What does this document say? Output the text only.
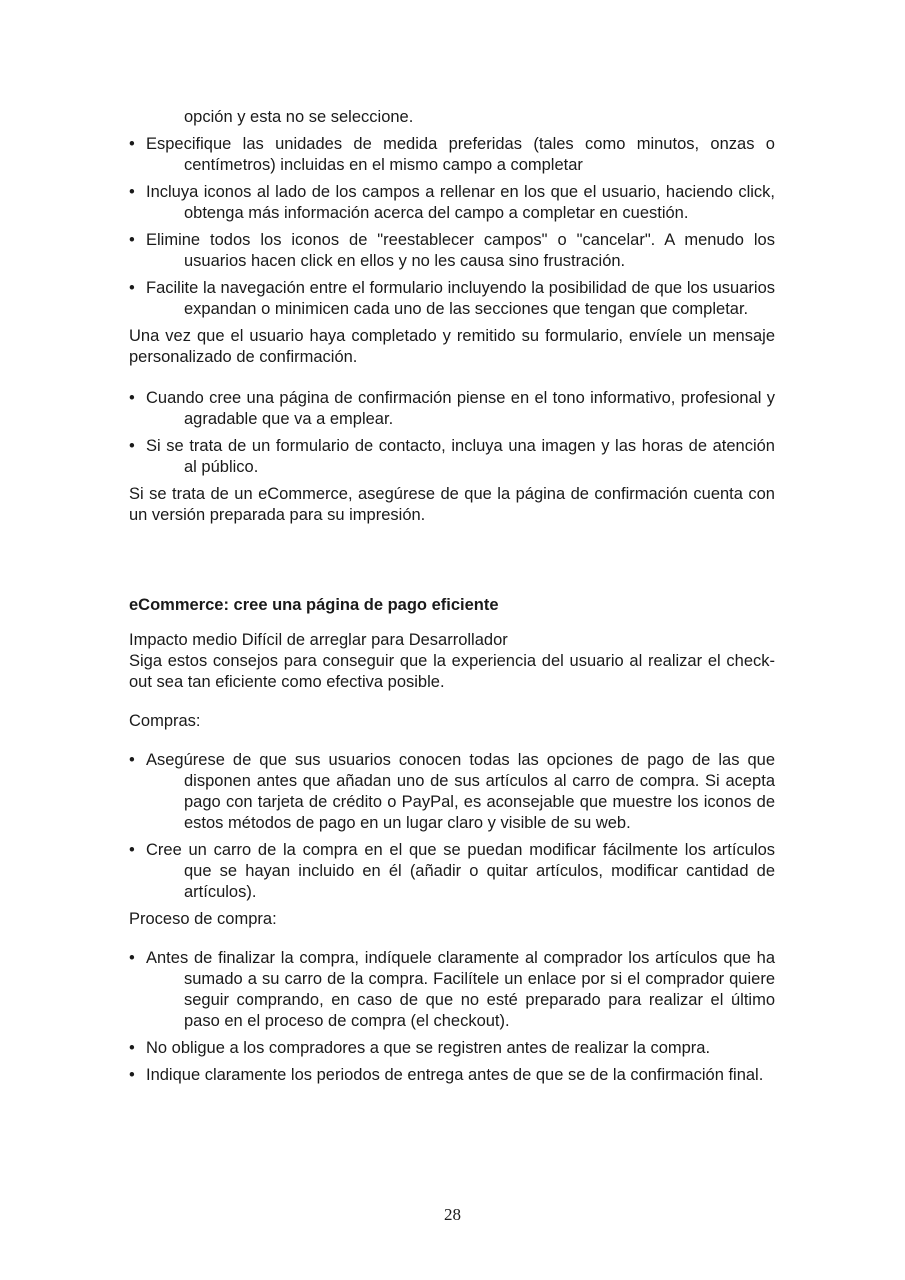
opción y esta no se seleccione.

• Especifique las unidades de medida preferidas (tales como minutos, onzas o centímetros) incluidas en el mismo campo a completar
• Incluya iconos al lado de los campos a rellenar en los que el usuario, haciendo click, obtenga más información acerca del campo a completar en cuestión.
• Elimine todos los iconos de "reestablecer campos" o "cancelar". A menudo los usuarios hacen click en ellos y no les causa sino frustración.
• Facilite la navegación entre el formulario incluyendo la posibilidad de que los usuarios expandan o minimicen cada uno de las secciones que tengan que completar.

Una vez que el usuario haya completado y remitido su formulario, envíele un mensaje personalizado de confirmación.

• Cuando cree una página de confirmación piense en el tono informativo, profesional y agradable que va a emplear.
• Si se trata de un formulario de contacto, incluya una imagen y las horas de atención al público.

Si se trata de un eCommerce, asegúrese de que la página de confirmación cuenta con un versión preparada para su impresión.

eCommerce: cree una página de pago eficiente

Impacto medio Difícil de arreglar para Desarrollador

Siga estos consejos para conseguir que la experiencia del usuario al realizar el check-out sea tan eficiente como efectiva posible.

Compras:

• Asegúrese de que sus usuarios conocen todas las opciones de pago de las que disponen antes que añadan uno de sus artículos al carro de compra. Si acepta pago con tarjeta de crédito o PayPal, es aconsejable que muestre los iconos de estos métodos de pago en un lugar claro y visible de su web.
• Cree un carro de la compra en el que se puedan modificar fácilmente los artículos que se hayan incluido en él (añadir o quitar artículos, modificar cantidad de artículos).

Proceso de compra:

• Antes de finalizar la compra, indíquele claramente al comprador los artículos que ha sumado a su carro de la compra. Facilítele un enlace por si el comprador quiere seguir comprando, en caso de que no esté preparado para realizar el último paso en el proceso de compra (el checkout).
• No obligue a los compradores a que se registren antes de realizar la compra.
• Indique claramente los periodos de entrega antes de que se de la confirmación final.
28
